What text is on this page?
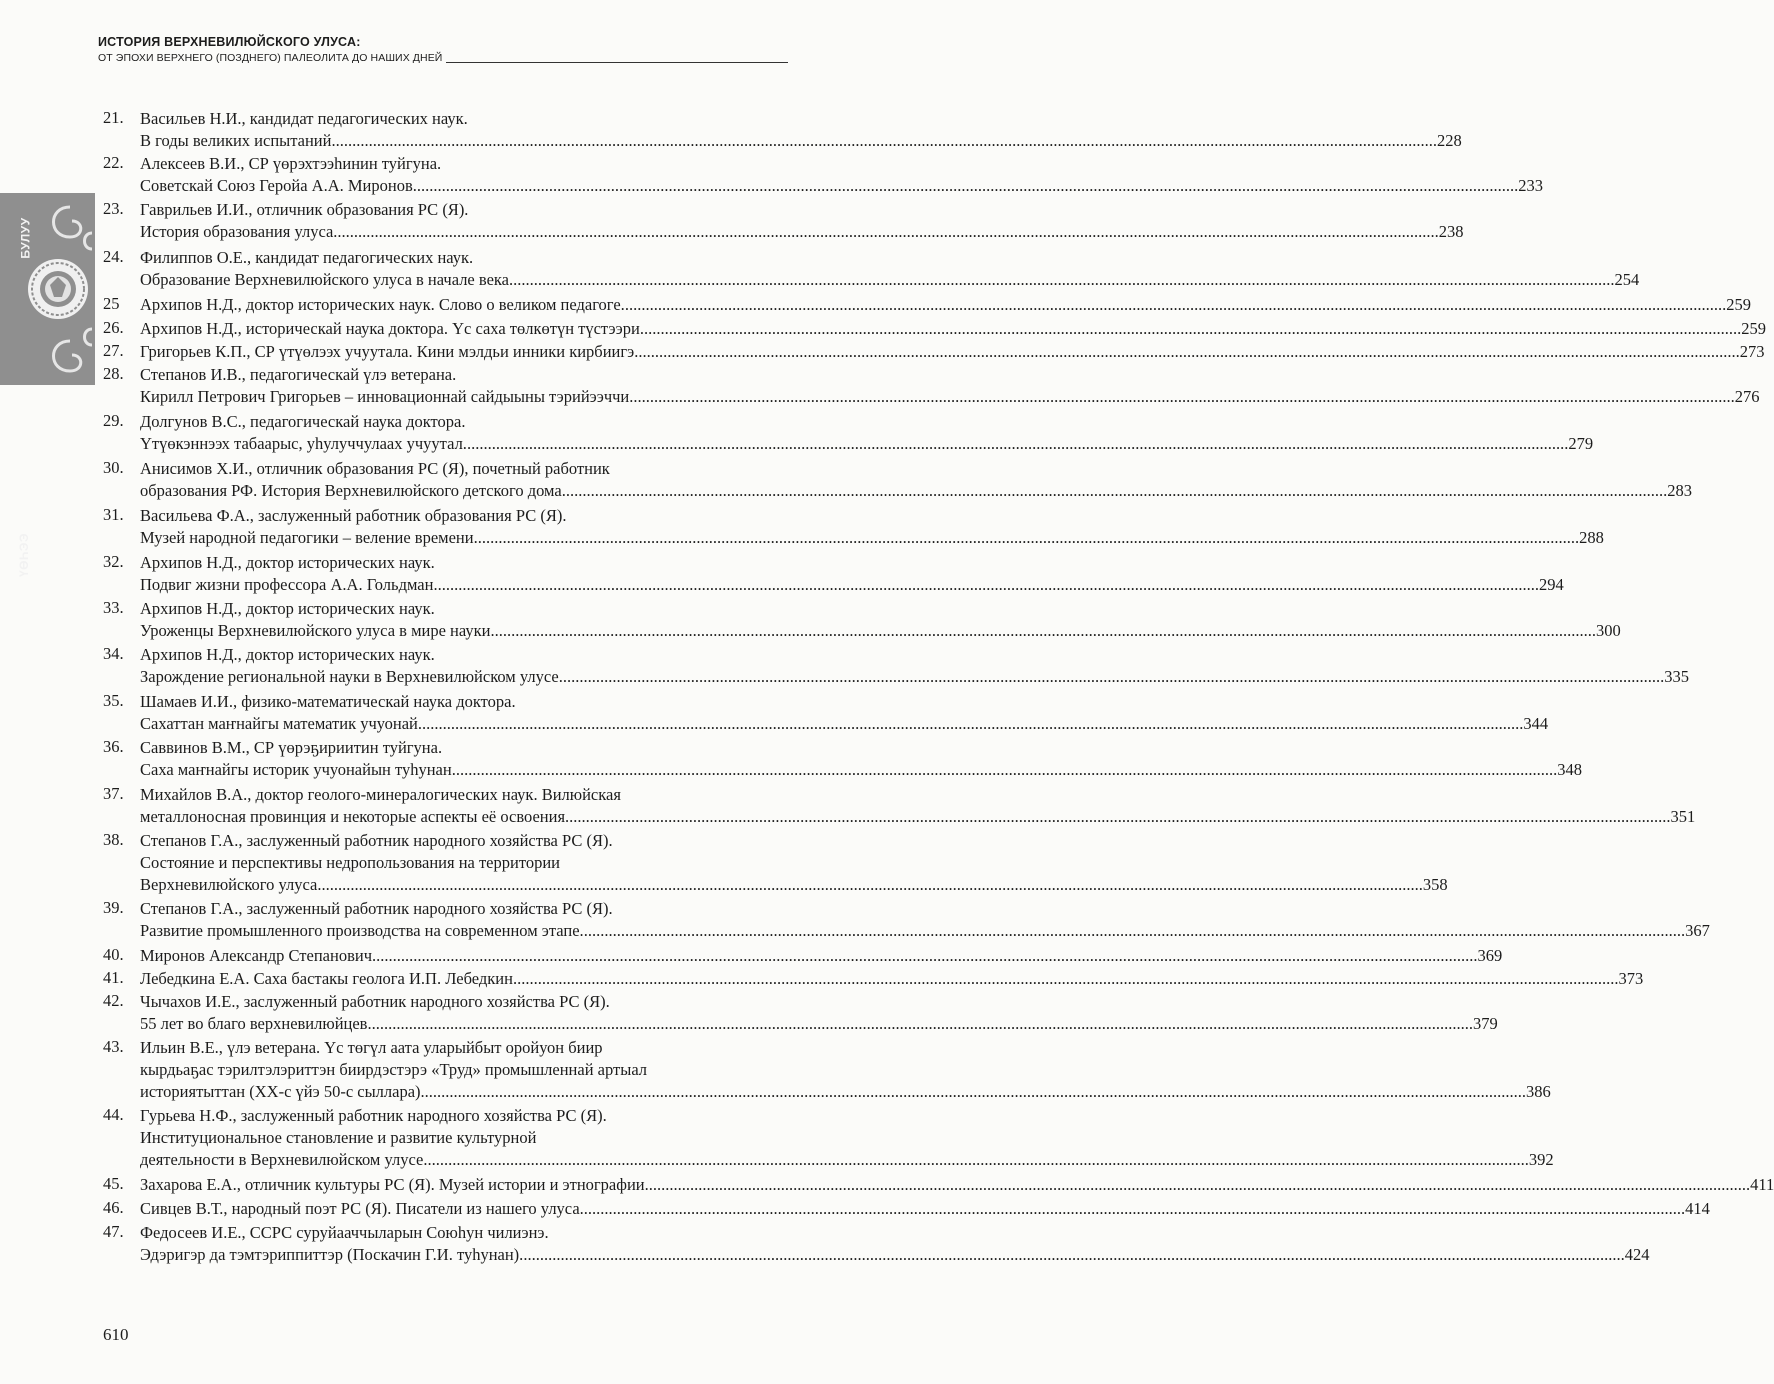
ИСТОРИЯ ВЕРХНЕВИЛЮЙСКОГО УЛУСА:
ОТ ЭПОХИ ВЕРХНЕГО (ПОЗДНЕГО) ПАЛЕОЛИТА ДО НАШИХ ДНЕЙ
БУЛУУ
ҮӨҺЭЭ
21. Васильев Н.И., кандидат педагогических наук.
В годы великих испытаний. .....	228
22. Алексеев В.И., СР үөрэхтээһинин туйгуна.
Советскай Союз Геройа А.А. Миронов. .....	233
23. Гаврильев И.И., отличник образования РС (Я).
История образования улуса. .....	238
24. Филиппов О.Е., кандидат педагогических наук.
Образование Верхневилюйского улуса в начале века. .....	254
25	Архипов Н.Д., доктор исторических наук. Слово о великом педагоге. .....	259
26. Архипов Н.Д., историческай наука доктора. Үс саха төлкөтүн түстээри .....	259
27. Григорьев К.П., СР үтүөлээх учуутала. Кини мэлдьи инники кирбиигэ. .....	273
28. Степанов И.В., педагогическай үлэ ветерана.
Кирилл Петрович Григорьев – инновационнай сайдыыны тэрийээччи. .....	276
29. Долгунов В.С., педагогическай наука доктора.
Үтүөкэннээх табаарыс, уһулуччулаах учуутал. .....	279
30. Анисимов Х.И., отличник образования РС (Я), почетный работник
образования РФ. История Верхневилюйского детского дома. .....	283
31. Васильева Ф.А., заслуженный работник образования РС (Я).
Музей народной педагогики – веление времени. .....	288
32. Архипов Н.Д., доктор исторических наук.
Подвиг жизни профессора А.А. Гольдман. .....	294
33. Архипов Н.Д., доктор исторических наук.
Уроженцы Верхневилюйского улуса в мире науки. .....	300
34. Архипов Н.Д., доктор исторических наук.
Зарождение региональной науки в Верхневилюйском улусе. .....	335
35. Шамаев И.И., физико-математическай наука доктора.
Сахаттан маҥнайгы математик учуонай. .....	344
36. Саввинов В.М., СР үөрэҕириитин туйгуна.
Саха маҥнайгы историк учуонайын туһунан. .....	348
37. Михайлов В.А., доктор геолого-минералогических наук. Вилюйская
металлоносная провинция и некоторые аспекты её освоения. .....	351
38. Степанов Г.А., заслуженный работник народного хозяйства РС (Я).
Состояние и перспективы недропользования на территории
Верхневилюйского улуса. .....	358
39. Степанов Г.А., заслуженный работник народного хозяйства РС (Я).
Развитие промышленного производства на современном этапе. .....	367
40. Миронов Александр Степанович. .....	369
41. Лебедкина Е.А. Саха бастакы геолога И.П. Лебедкин. .....	373
42. Чычахов И.Е., заслуженный работник народного хозяйства РС (Я).
55 лет во благо верхневилюйцев. .....	379
43. Ильин В.Е., үлэ ветерана. Үс төгүл аата уларыйбыт оройуон биир
кырдьаҕас тэрилтэлэриттэн биирдэстэрэ «Труд» промышленнай артыал
историятыттан (ХХ-с үйэ 50-с сыллара). .....	386
44. Гурьева Н.Ф., заслуженный работник народного хозяйства РС (Я).
Институциональное становление и развитие культурной
деятельности в Верхневилюйском улусе. .....	392
45. Захарова Е.А., отличник культуры РС (Я). Музей истории и этнографии. .....	411
46. Сивцев В.Т., народный поэт РС (Я). Писатели из нашего улуса. .....	414
47. Федосеев И.Е., ССРС суруйааччыларын Союһун чилиэнэ.
Эдэригэр да тэмтэриппиттэр (Поскачин Г.И. туһунан). .....	424
610
